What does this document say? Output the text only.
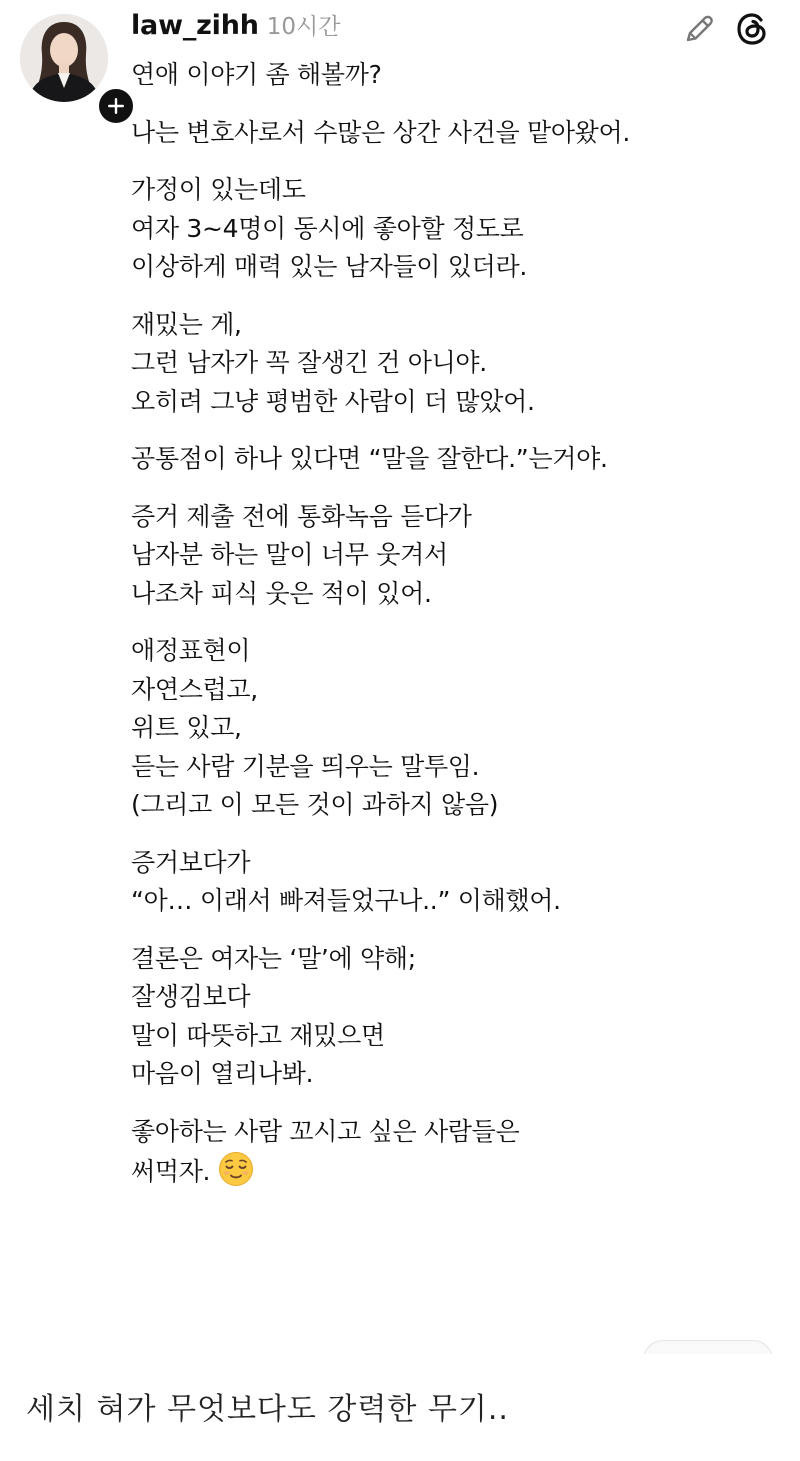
law_zihh 10시간

연애 이야기 좀 해볼까?

나는 변호사로서 수많은 상간 사건을 맡아왔어.

가정이 있는데도
여자 3~4명이 동시에 좋아할 정도로
이상하게 매력 있는 남자들이 있더라.

재밌는 게,
그런 남자가 꼭 잘생긴 건 아니야.
오히려 그냥 평범한 사람이 더 많았어.

공통점이 하나 있다면 “말을 잘한다.”는거야.

증거 제출 전에 통화녹음 듣다가
남자분 하는 말이 너무 웃겨서
나조차 피식 웃은 적이 있어.

애정표현이
자연스럽고,
위트 있고,
듣는 사람 기분을 띄우는 말투임.
(그리고 이 모든 것이 과하지 않음)

증거보다가
“아… 이래서 빠져들었구나..” 이해했어.

결론은 여자는 ‘말’에 약해;
잘생김보다
말이 따뜻하고 재밌으면
마음이 열리나봐.

좋아하는 사람 꼬시고 싶은 사람들은
써먹자.

세치 혀가 무엇보다도 강력한 무기..
